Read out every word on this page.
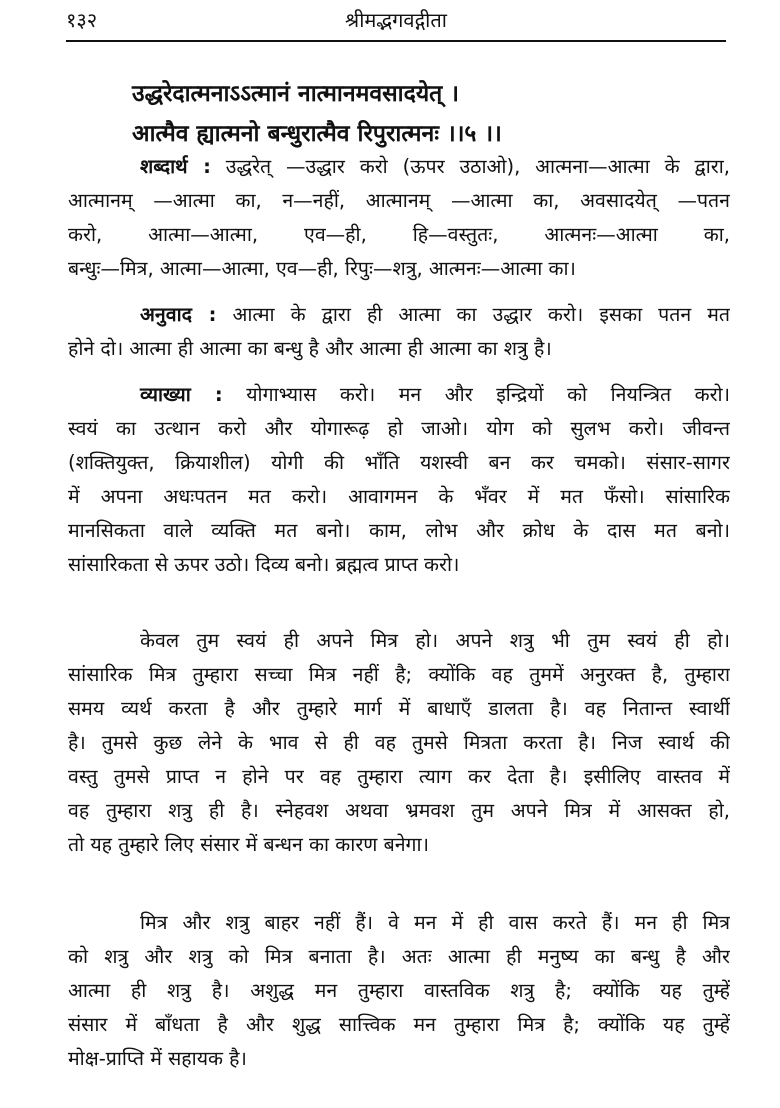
१३२	श्रीमद्भगवद्गीता
उद्धरेदात्मनाऽऽत्मानं नात्मानमवसादयेत् ।
आत्मैव ह्यात्मनो बन्धुरात्मैव रिपुरात्मनः ।।५ ।।
शब्दार्थ : उद्धरेत् —उद्धार करो (ऊपर उठाओ), आत्मना—आत्मा के द्वारा,
आत्मानम् —आत्मा का, न—नहीं, आत्मानम् —आत्मा का, अवसादयेत् —पतन
करो, आत्मा—आत्मा, एव—ही, हि—वस्तुतः, आत्मनः—आत्मा का,
बन्धुः—मित्र, आत्मा—आत्मा, एव—ही, रिपुः—शत्रु, आत्मनः—आत्मा का।
अनुवाद : आत्मा के द्वारा ही आत्मा का उद्धार करो। इसका पतन मत
होने दो। आत्मा ही आत्मा का बन्धु है और आत्मा ही आत्मा का शत्रु है।
व्याख्या : योगाभ्यास करो। मन और इन्द्रियों को नियन्त्रित करो।
स्वयं का उत्थान करो और योगारूढ़ हो जाओ। योग को सुलभ करो। जीवन्त
(शक्तियुक्त, क्रियाशील) योगी की भाँति यशस्वी बन कर चमको। संसार-सागर
में अपना अधःपतन मत करो। आवागमन के भँवर में मत फँसो। सांसारिक
मानसिकता वाले व्यक्ति मत बनो। काम, लोभ और क्रोध के दास मत बनो।
सांसारिकता से ऊपर उठो। दिव्य बनो। ब्रह्मत्व प्राप्त करो।
केवल तुम स्वयं ही अपने मित्र हो। अपने शत्रु भी तुम स्वयं ही हो।
सांसारिक मित्र तुम्हारा सच्चा मित्र नहीं है; क्योंकि वह तुममें अनुरक्त है, तुम्हारा
समय व्यर्थ करता है और तुम्हारे मार्ग में बाधाएँ डालता है। वह नितान्त स्वार्थी
है। तुमसे कुछ लेने के भाव से ही वह तुमसे मित्रता करता है। निज स्वार्थ की
वस्तु तुमसे प्राप्त न होने पर वह तुम्हारा त्याग कर देता है। इसीलिए वास्तव में
वह तुम्हारा शत्रु ही है। स्नेहवश अथवा भ्रमवश तुम अपने मित्र में आसक्त हो,
तो यह तुम्हारे लिए संसार में बन्धन का कारण बनेगा।
मित्र और शत्रु बाहर नहीं हैं। वे मन में ही वास करते हैं। मन ही मित्र
को शत्रु और शत्रु को मित्र बनाता है। अतः आत्मा ही मनुष्य का बन्धु है और
आत्मा ही शत्रु है। अशुद्ध मन तुम्हारा वास्तविक शत्रु है; क्योंकि यह तुम्हें
संसार में बाँधता है और शुद्ध सात्त्विक मन तुम्हारा मित्र है; क्योंकि यह तुम्हें
मोक्ष-प्राप्ति में सहायक है।
